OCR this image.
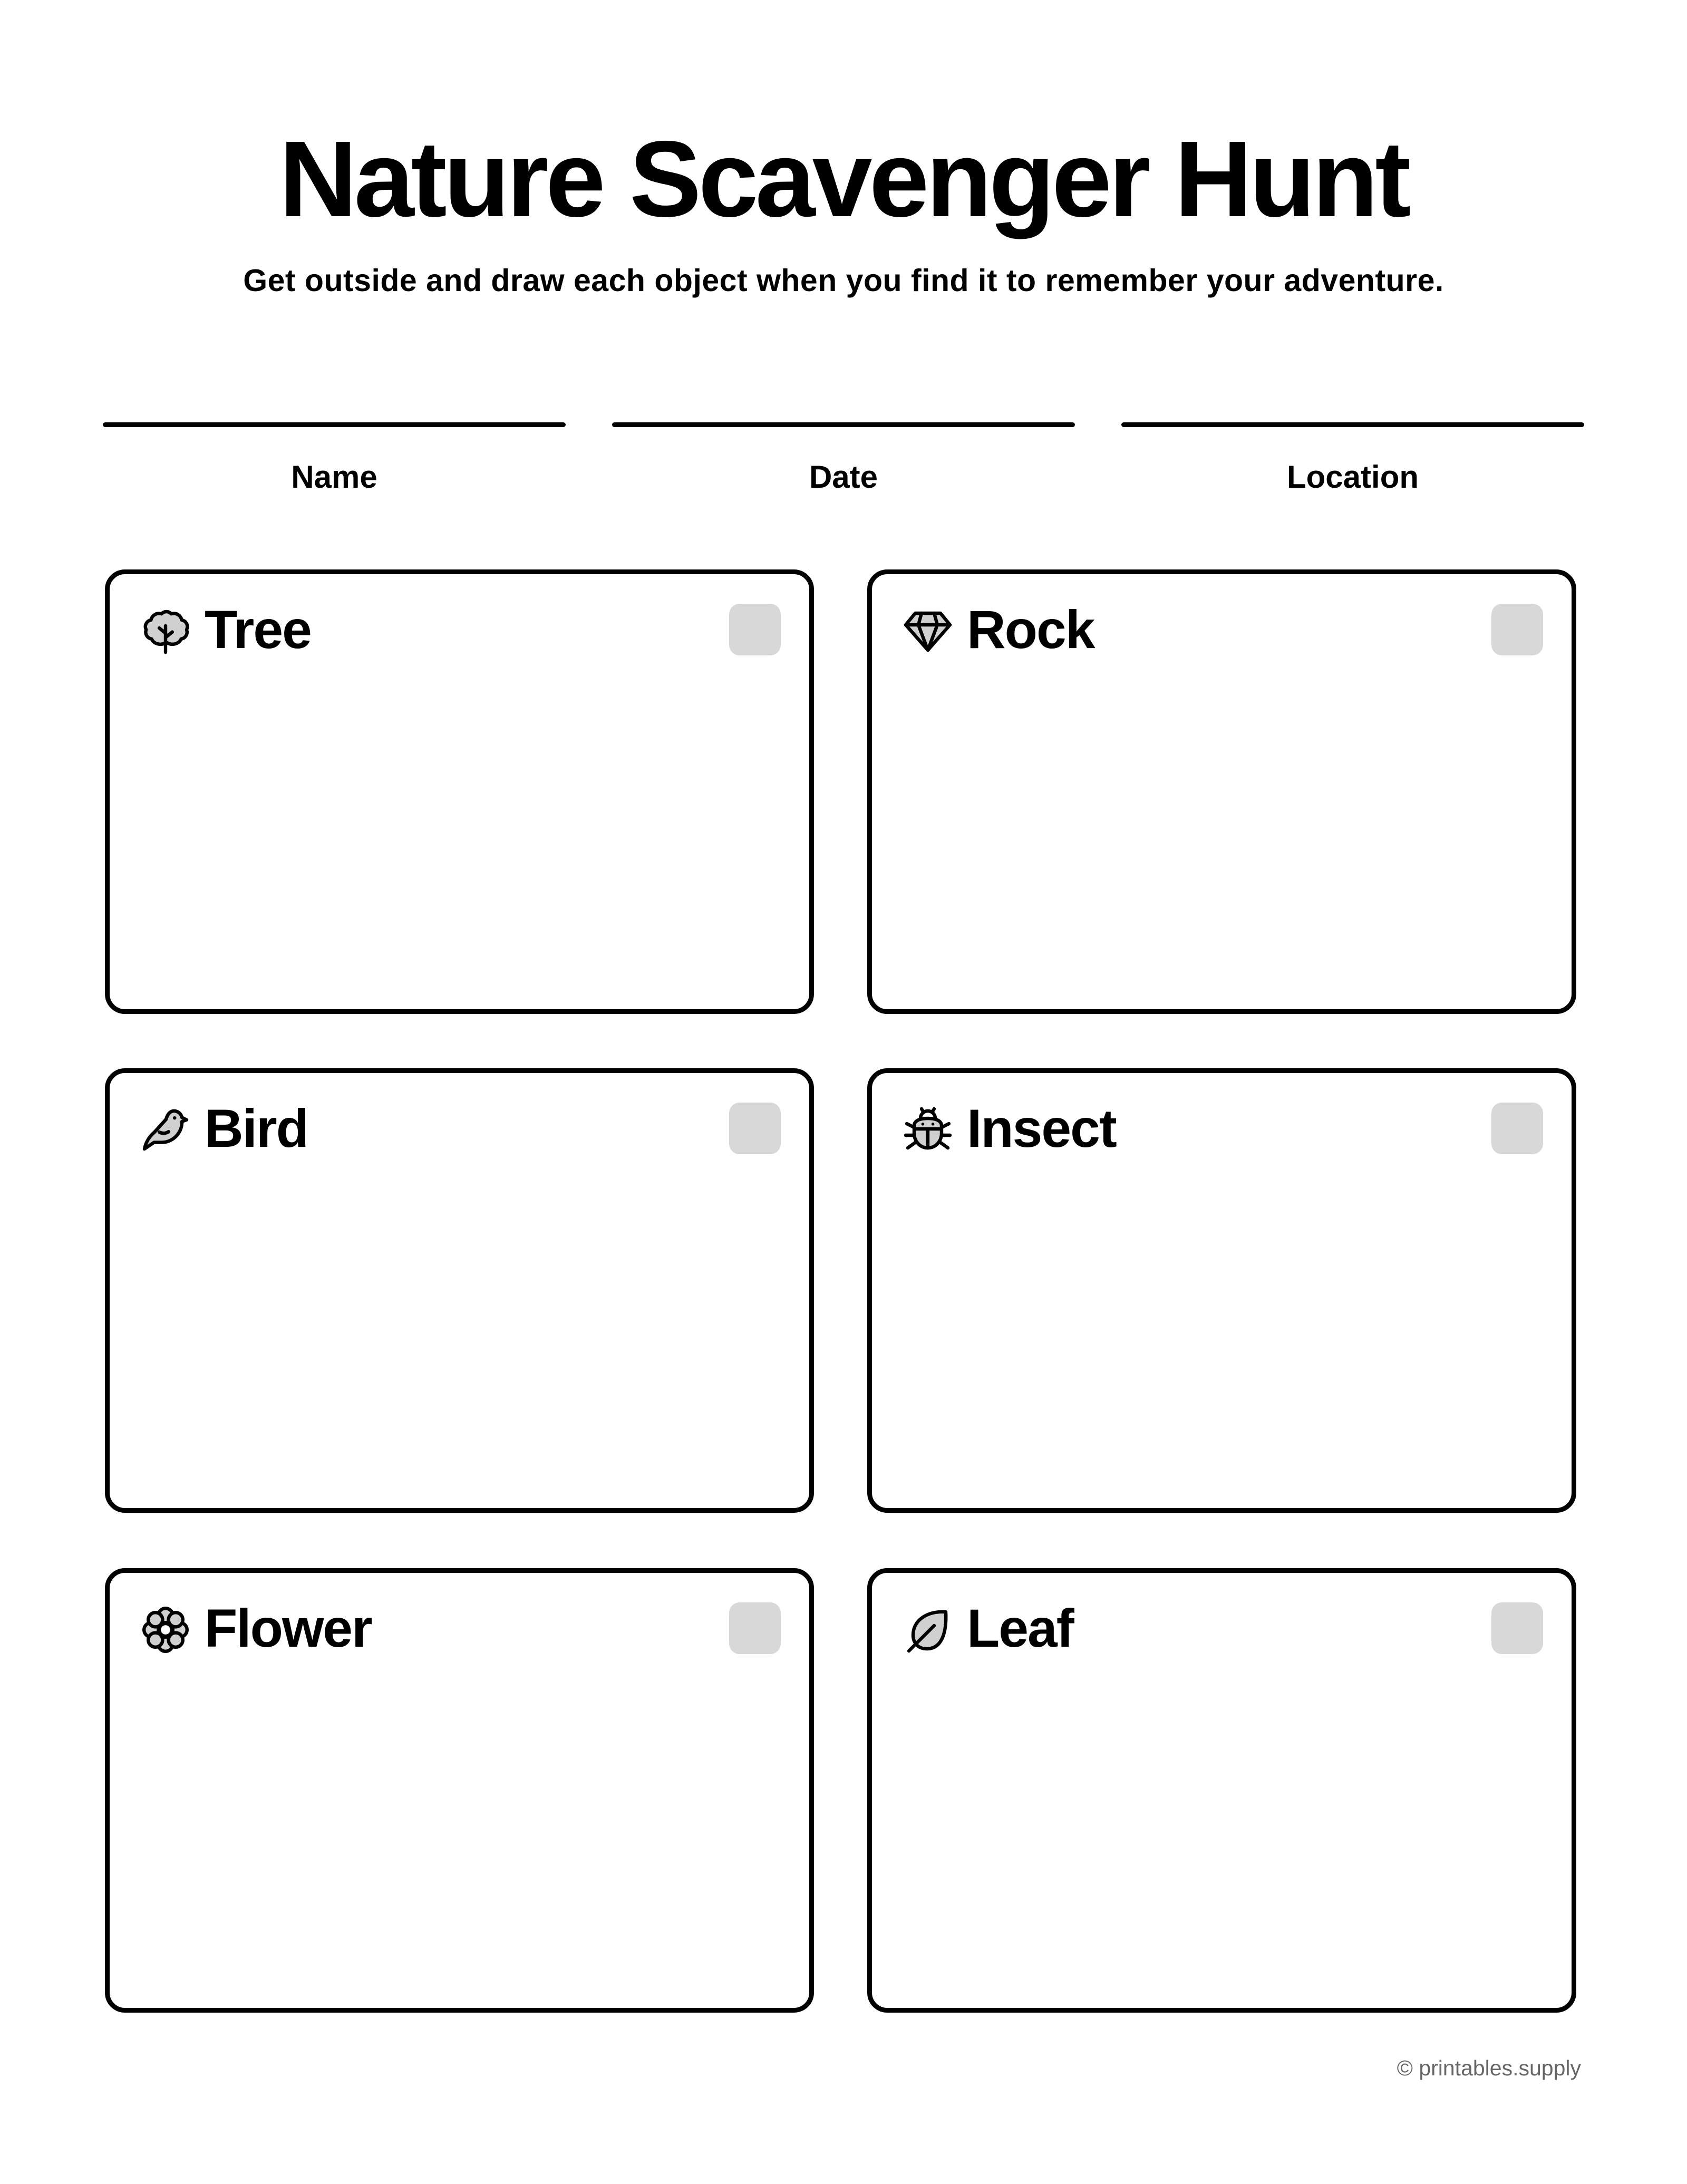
Nature Scavenger Hunt
Get outside and draw each object when you find it to remember your adventure.
Name	Date	Location
Tree	Rock
Bird	Insect
Flower	Leaf
© printables.supply
